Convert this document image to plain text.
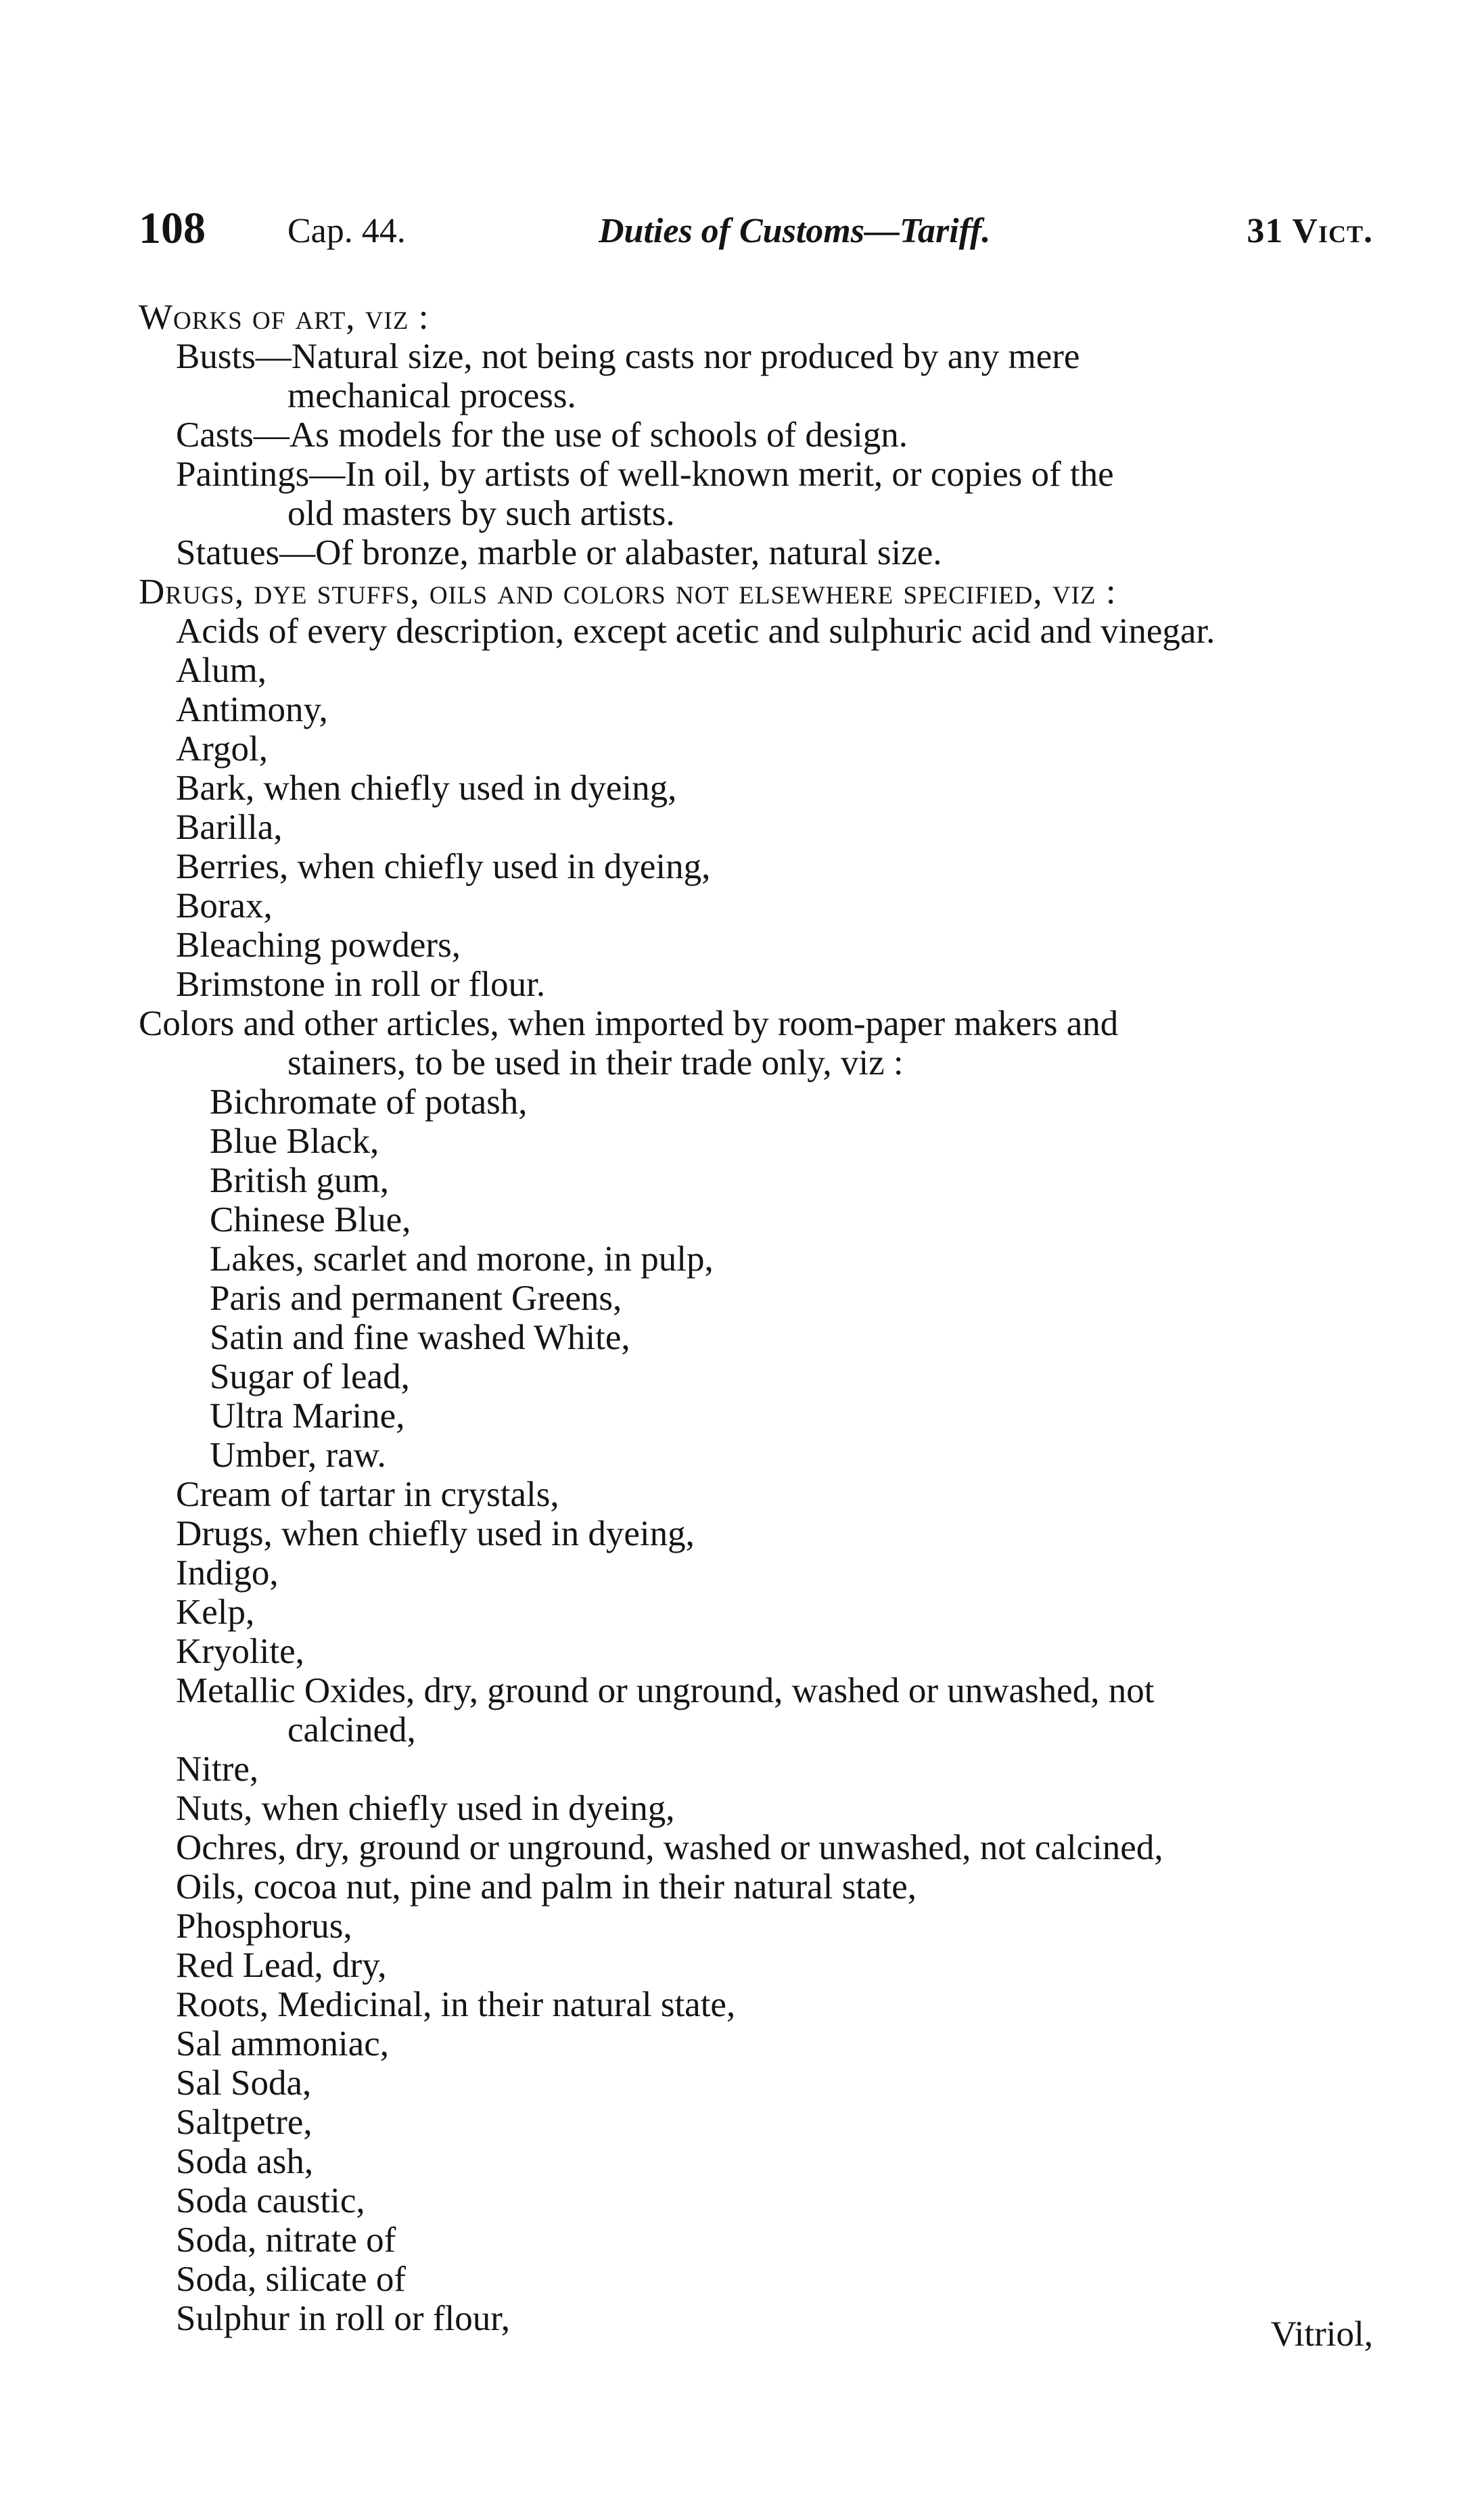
108 Cap. 44.	Duties of Customs—Tariff.	31 Vict.
Works of art, viz :
Busts—Natural size, not being casts nor produced by any mere
mechanical process.
Casts—As models for the use of schools of design.
Paintings—In oil, by artists of well-known merit, or copies of the
old masters by such artists.
Statues—Of bronze, marble or alabaster, natural size.
Drugs, dye stuffs, oils and colors not elsewhere specified, viz :
Acids of every description, except acetic and sulphuric acid and vinegar.
Alum,
Antimony,
Argol,
Bark, when chiefly used in dyeing,
Barilla,
Berries, when chiefly used in dyeing,
Borax,
Bleaching powders,
Brimstone in roll or flour.
Colors and other articles, when imported by room-paper makers and
stainers, to be used in their trade only, viz :
Bichromate of potash,
Blue Black,
British gum,
Chinese Blue,
Lakes, scarlet and morone, in pulp,
Paris and permanent Greens,
Satin and fine washed White,
Sugar of lead,
Ultra Marine,
Umber, raw.
Cream of tartar in crystals,
Drugs, when chiefly used in dyeing,
Indigo,
Kelp,
Kryolite,
Metallic Oxides, dry, ground or unground, washed or unwashed, not
calcined,
Nitre,
Nuts, when chiefly used in dyeing,
Ochres, dry, ground or unground, washed or unwashed, not calcined,
Oils, cocoa nut, pine and palm in their natural state,
Phosphorus,
Red Lead, dry,
Roots, Medicinal, in their natural state,
Sal ammoniac,
Sal Soda,
Saltpetre,
Soda ash,
Soda caustic,
Soda, nitrate of
Soda, silicate of
Sulphur in roll or flour,	Vitriol,
